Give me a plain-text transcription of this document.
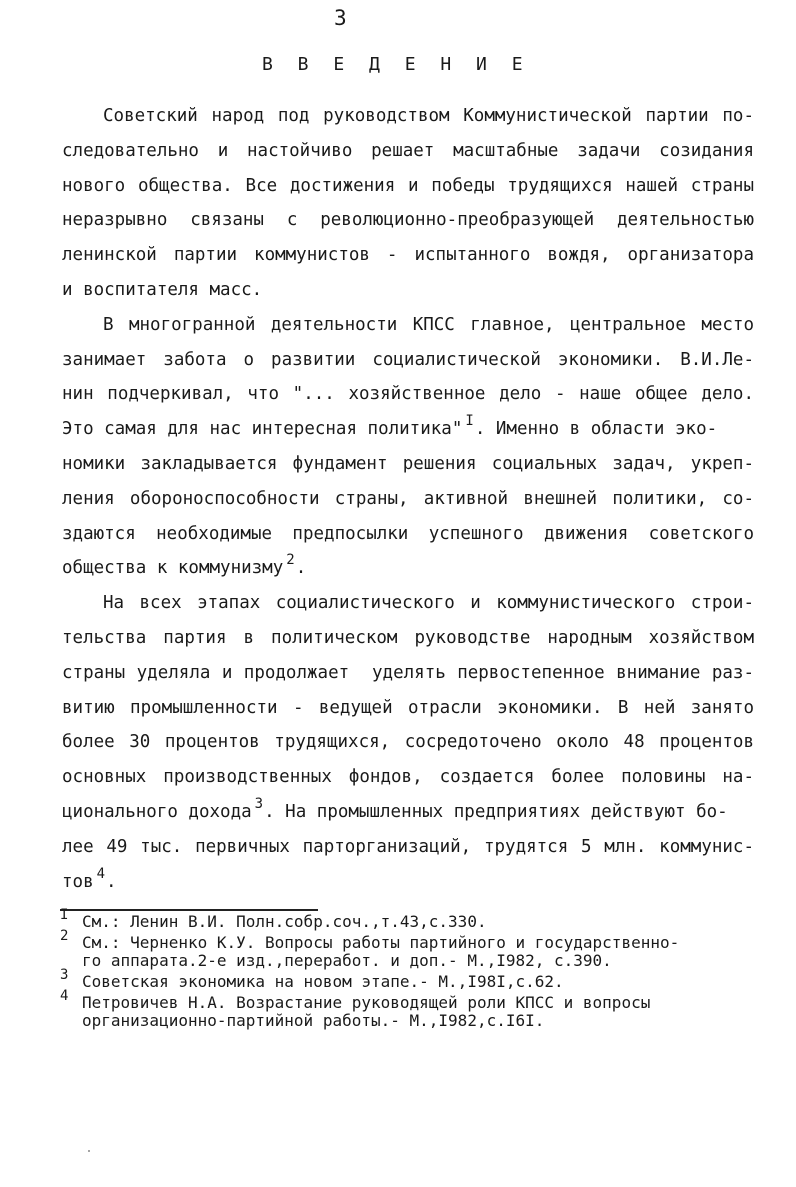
3
В В Е Д Е Н И Е
Советский народ под руководством Коммунистической партии по-
следовательно и настойчиво решает масштабные задачи созидания
нового общества. Все достижения и победы трудящихся нашей страны
неразрывно связаны с революционно-преобразующей деятельностью
ленинской партии коммунистов - испытанного вождя, организатора
и воспитателя масс.
В многогранной деятельности КПСС главное, центральное место
занимает забота о развитии социалистической экономики. В.И.Ле-
нин подчеркивал, что "... хозяйственное дело - наше общее дело.
Это самая для нас интересная политика" $^I$. Именно в области эко-
номики закладывается фундамент решения социальных задач, укреп-
ления обороноспособности страны, активной внешней политики, со-
здаются необходимые предпосылки успешного движения советского
общества к коммунизму $^2$.
На всех этапах социалистического и коммунистического строи-
тельства партия в политическом руководстве народным хозяйством
страны уделяла и продолжает  уделять первостепенное внимание раз-
витию промышленности - ведущей отрасли экономики. В ней занято
более 30 процентов трудящихся, сосредоточено около 48 процентов
основных производственных фондов, создается более половины на-
ционального дохода $^3$. На промышленных предприятиях действуют бо-
лее 49 тыс. первичных парторганизаций, трудятся 5 млн. коммунис-
тов $^4$.
I См.: Ленин В.И. Полн.собр.соч.,т.43,с.330.
2 См.: Черненко К.У. Вопросы работы партийного и государственно-
го аппарата.2-е изд.,переработ. и доп.- М.,I982, с.390.
3 Советская экономика на новом этапе.- М.,I98I,с.62.
4 Петровичев Н.А. Возрастание руководящей роли КПСС и вопросы
организационно-партийной работы.- М.,I982,с.I6I.
